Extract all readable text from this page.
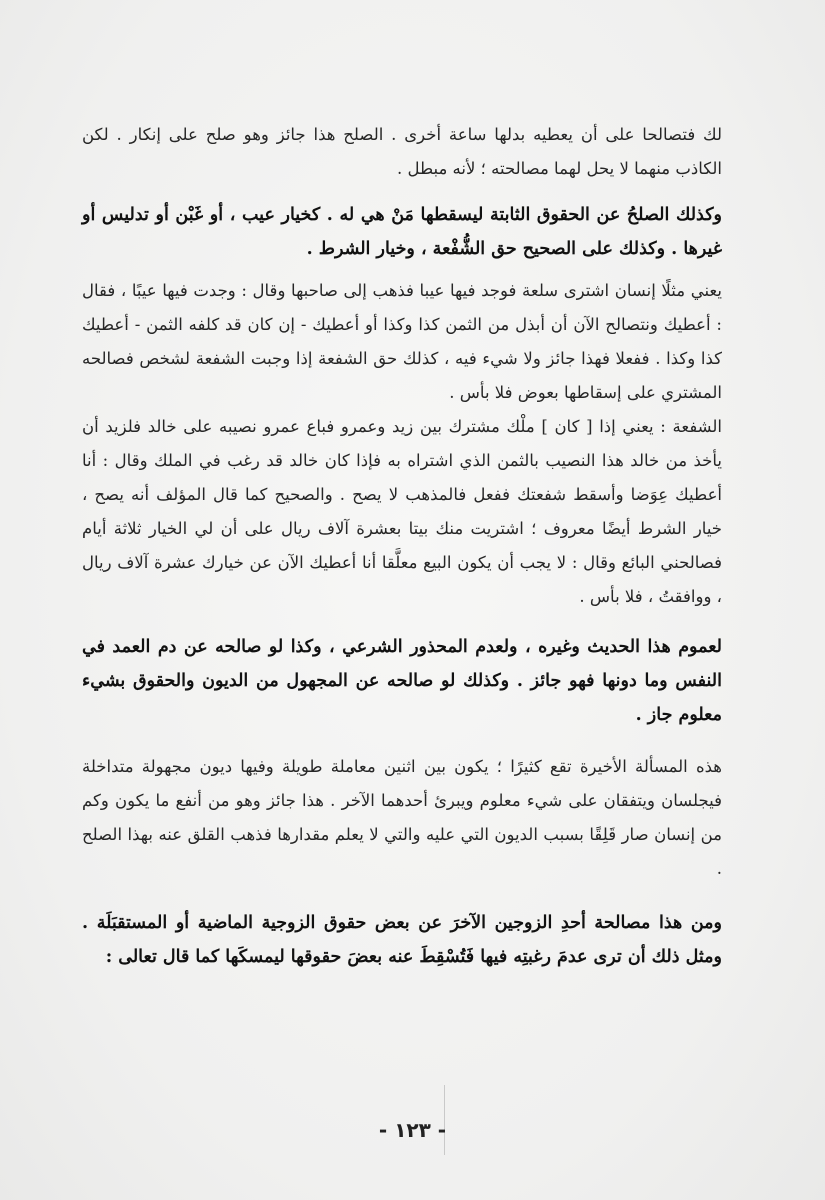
لك فتصالحا على أن يعطيه بدلها ساعة أخرى . الصلح هذا جائز وهو صلح على إنكار . لكن الكاذب منهما لا يحل لهما مصالحته ؛ لأنه مبطل .

وكذلك الصلحُ عن الحقوق الثابتة ليسقطها مَنْ هي له . كخيار عيب ، أو غَبْن أو تدليس أو غيرها . وكذلك على الصحيح حق الشُّفْعة ، وخيار الشرط .

يعني مثلًا إنسان اشترى سلعة فوجد فيها عيبا فذهب إلى صاحبها وقال : وجدت فيها عيبًا ، فقال : أعطيك ونتصالح الآن أن أبذل من الثمن كذا وكذا أو أعطيك - إن كان قد كلفه الثمن - أعطيك كذا وكذا . ففعلا فهذا جائز ولا شيء فيه ، كذلك حق الشفعة إذا وجبت الشفعة لشخص فصالحه المشتري على إسقاطها بعوض فلا بأس .

الشفعة : يعني إذا [ كان ] ملْك مشترك بين زيد وعمرو فباع عمرو نصيبه على خالد فلزيد أن يأخذ من خالد هذا النصيب بالثمن الذي اشتراه به فإذا كان خالد قد رغب في الملك وقال : أنا أعطيك عِوَضا وأسقط شفعتك ففعل فالمذهب لا يصح . والصحيح كما قال المؤلف أنه يصح ، خيار الشرط أيضًا معروف ؛ اشتريت منك بيتا بعشرة آلاف ريال على أن لي الخيار ثلاثة أيام فصالحني البائع وقال : لا يجب أن يكون البيع معلَّقا أنا أعطيك الآن عن خيارك عشرة آلاف ريال ، ووافقتُ ، فلا بأس .

لعموم هذا الحديث وغيره ، ولعدم المحذور الشرعي ، وكذا لو صالحه عن دم العمد في النفس وما دونها فهو جائز . وكذلك لو صالحه عن المجهول من الديون والحقوق بشيء معلوم جاز .

هذه المسألة الأخيرة تقع كثيرًا ؛ يكون بين اثنين معاملة طويلة وفيها ديون مجهولة متداخلة فيجلسان ويتفقان على شيء معلوم ويبرئ أحدهما الآخر . هذا جائز وهو من أنفع ما يكون وكم من إنسان صار قَلِقًا بسبب الديون التي عليه والتي لا يعلم مقدارها فذهب القلق عنه بهذا الصلح .

ومن هذا مصالحة أحدِ الزوجين الآخرَ عن بعض حقوق الزوجية الماضية أو المستقبَلَة . ومثل ذلك أن ترى عدمَ رغبتِه فيها فَتُسْقِطَ عنه بعضَ حقوقها ليمسكَها كما قال تعالى :

- ١٢٣ -
